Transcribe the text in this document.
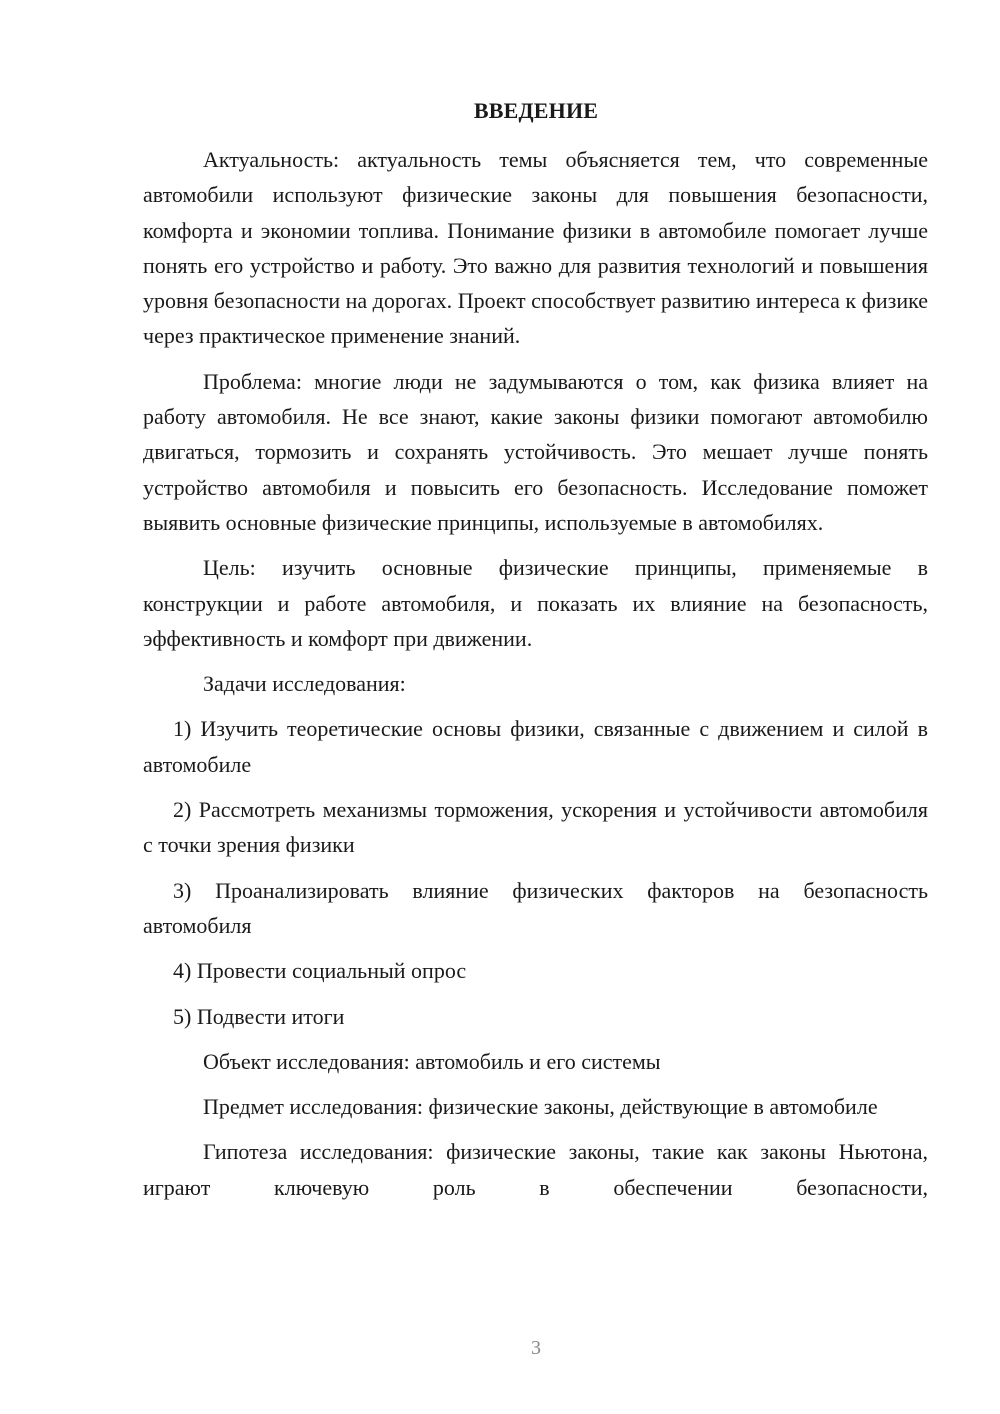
ВВЕДЕНИЕ

Актуальность: актуальность темы объясняется тем, что современные автомобили используют физические законы для повышения безопасности, комфорта и экономии топлива. Понимание физики в автомобиле помогает лучше понять его устройство и работу. Это важно для развития технологий и повышения уровня безопасности на дорогах. Проект способствует развитию интереса к физике через практическое применение знаний.

Проблема: многие люди не задумываются о том, как физика влияет на работу автомобиля. Не все знают, какие законы физики помогают автомобилю двигаться, тормозить и сохранять устойчивость. Это мешает лучше понять устройство автомобиля и повысить его безопасность. Исследование поможет выявить основные физические принципы, используемые в автомобилях.

Цель: изучить основные физические принципы, применяемые в конструкции и работе автомобиля, и показать их влияние на безопасность, эффективность и комфорт при движении.

Задачи исследования:

1) Изучить теоретические основы физики, связанные с движением и силой в автомобиле

2) Рассмотреть механизмы торможения, ускорения и устойчивости автомобиля с точки зрения физики

3) Проанализировать влияние физических факторов на безопасность автомобиля

4) Провести социальный опрос

5) Подвести итоги

Объект исследования: автомобиль и его системы

Предмет исследования: физические законы, действующие в автомобиле

Гипотеза исследования: физические законы, такие как законы Ньютона, играют ключевую роль в обеспечении безопасности,

3
